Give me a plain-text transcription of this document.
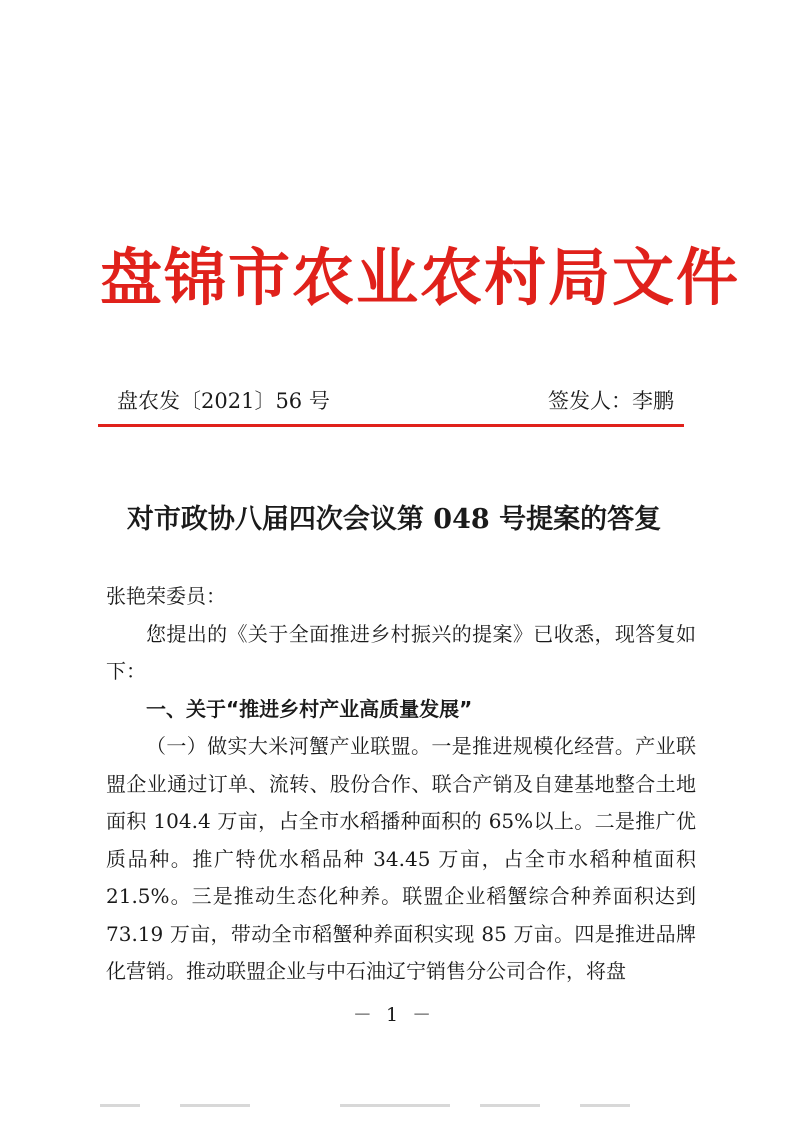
盘锦市农业农村局文件
盘农发〔2021〕56 号	签发人：李鹏
对市政协八届四次会议第 048 号提案的答复

张艳荣委员：

您提出的《关于全面推进乡村振兴的提案》已收悉，现答复如下：

一、关于“推进乡村产业高质量发展”

（一）做实大米河蟹产业联盟。一是推进规模化经营。产业联盟企业通过订单、流转、股份合作、联合产销及自建基地整合土地面积 104.4 万亩，占全市水稻播种面积的 65%以上。二是推广优质品种。推广特优水稻品种 34.45 万亩，占全市水稻种植面积 21.5%。三是推动生态化种养。联盟企业稻蟹综合种养面积达到 73.19 万亩，带动全市稻蟹种养面积实现 85 万亩。四是推进品牌化营销。推动联盟企业与中石油辽宁销售分公司合作，将盘

－ 1 －
